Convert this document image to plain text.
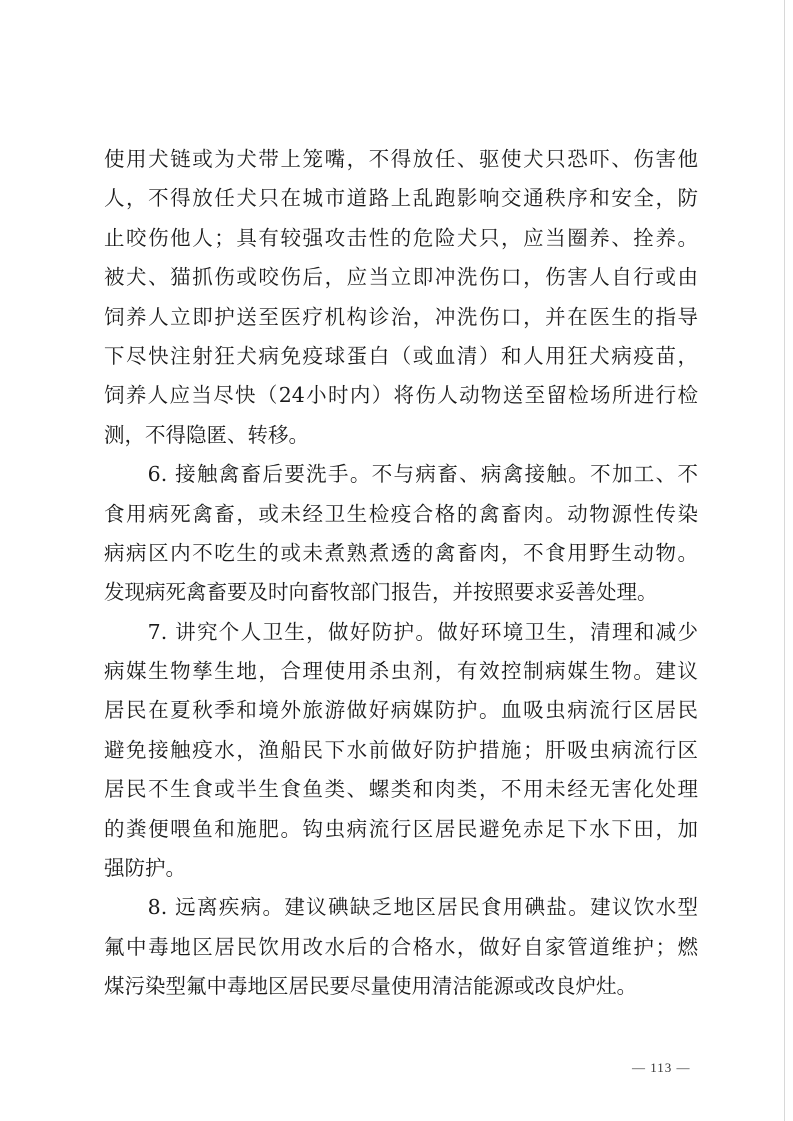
使用犬链或为犬带上笼嘴，不得放任、驱使犬只恐吓、伤害他
人，不得放任犬只在城市道路上乱跑影响交通秩序和安全，防
止咬伤他人；具有较强攻击性的危险犬只，应当圈养、拴养。
被犬、猫抓伤或咬伤后，应当立即冲洗伤口，伤害人自行或由
饲养人立即护送至医疗机构诊治，冲洗伤口，并在医生的指导
下尽快注射狂犬病免疫球蛋白（或血清）和人用狂犬病疫苗，
饲养人应当尽快（24小时内）将伤人动物送至留检场所进行检
测，不得隐匿、转移。
　　6. 接触禽畜后要洗手。不与病畜、病禽接触。不加工、不
食用病死禽畜，或未经卫生检疫合格的禽畜肉。动物源性传染
病病区内不吃生的或未煮熟煮透的禽畜肉，不食用野生动物。
发现病死禽畜要及时向畜牧部门报告，并按照要求妥善处理。
　　7. 讲究个人卫生，做好防护。做好环境卫生，清理和减少
病媒生物孳生地，合理使用杀虫剂，有效控制病媒生物。建议
居民在夏秋季和境外旅游做好病媒防护。血吸虫病流行区居民
避免接触疫水，渔船民下水前做好防护措施；肝吸虫病流行区
居民不生食或半生食鱼类、螺类和肉类，不用未经无害化处理
的粪便喂鱼和施肥。钩虫病流行区居民避免赤足下水下田，加
强防护。
　　8. 远离疾病。建议碘缺乏地区居民食用碘盐。建议饮水型
氟中毒地区居民饮用改水后的合格水，做好自家管道维护；燃
煤污染型氟中毒地区居民要尽量使用清洁能源或改良炉灶。
— 113 —
